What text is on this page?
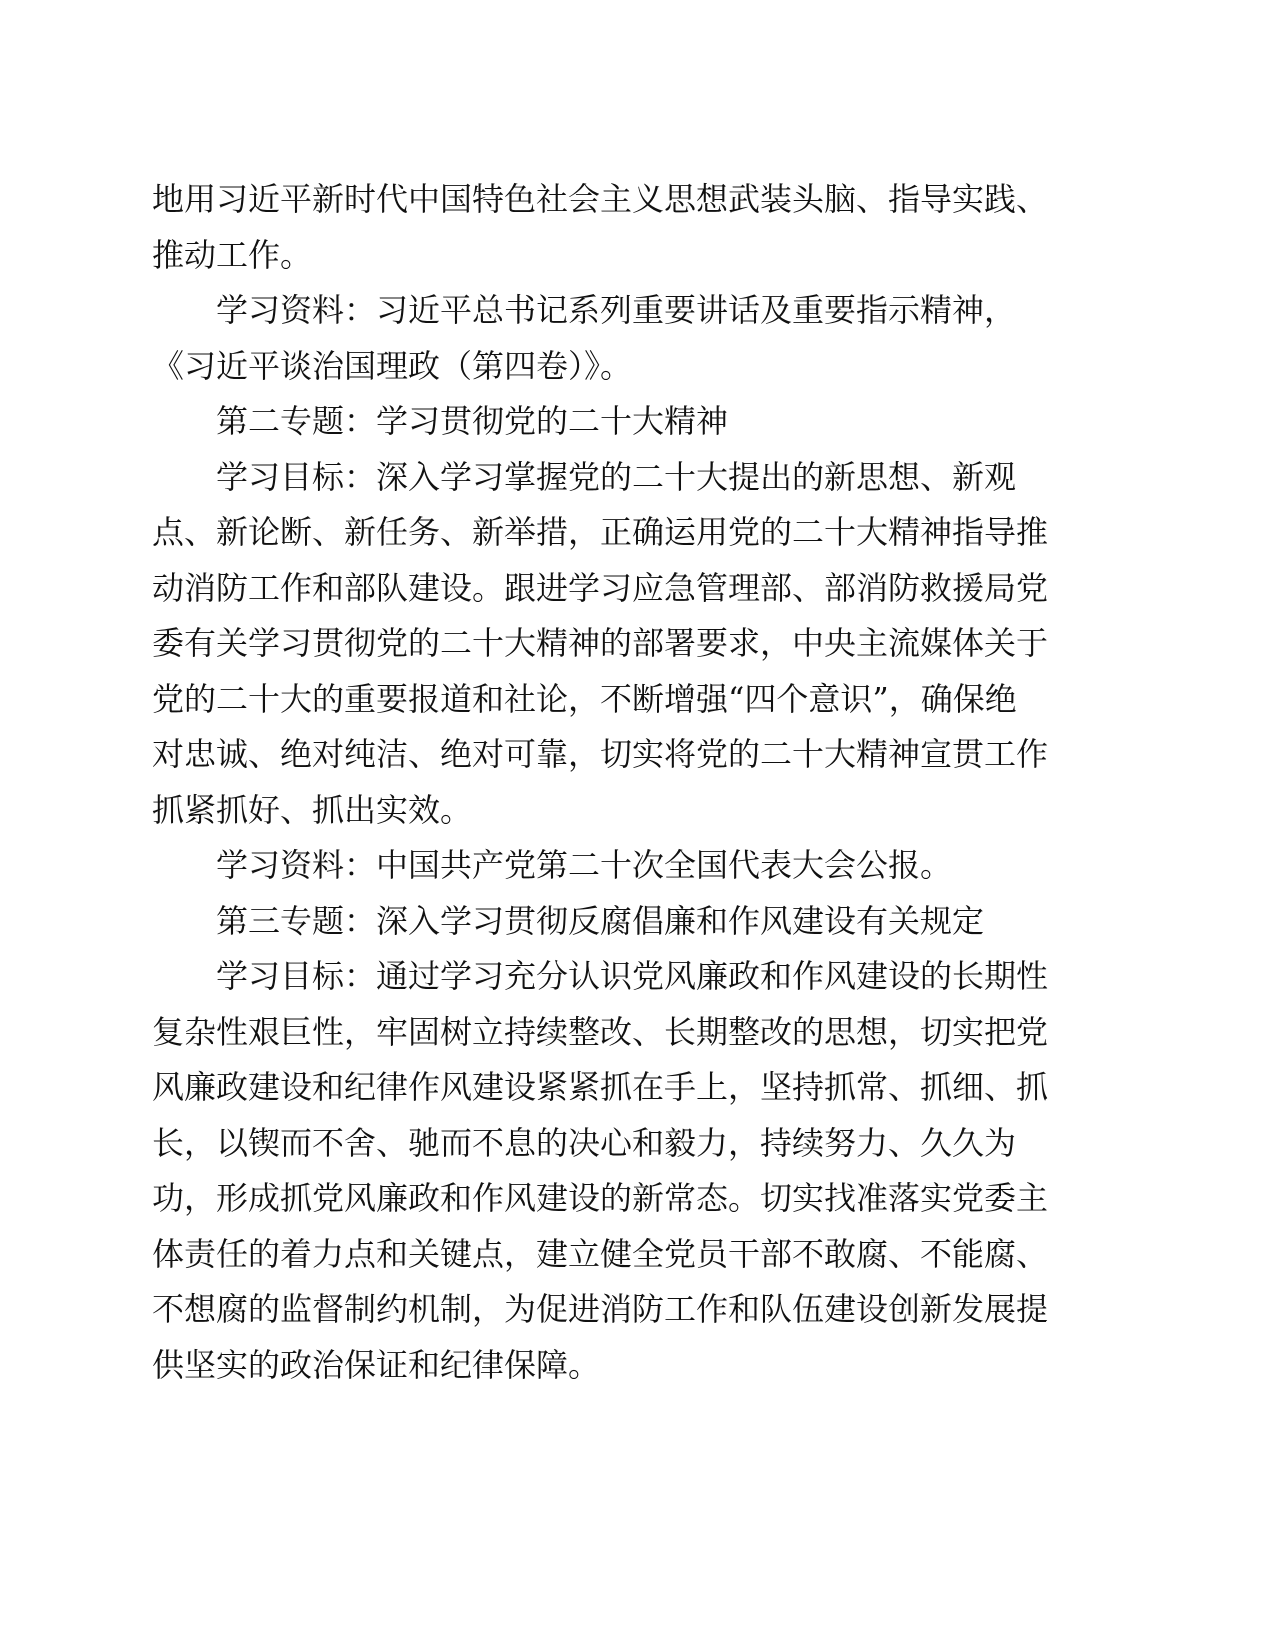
地用习近平新时代中国特色社会主义思想武装头脑、指导实践、
推动工作。
学习资料：习近平总书记系列重要讲话及重要指示精神，
《习近平谈治国理政（第四卷）》。
第二专题：学习贯彻党的二十大精神
学习目标：深入学习掌握党的二十大提出的新思想、新观
点、新论断、新任务、新举措，正确运用党的二十大精神指导推
动消防工作和部队建设。跟进学习应急管理部、部消防救援局党
委有关学习贯彻党的二十大精神的部署要求，中央主流媒体关于
党的二十大的重要报道和社论，不断增强“四个意识”，确保绝
对忠诚、绝对纯洁、绝对可靠，切实将党的二十大精神宣贯工作
抓紧抓好、抓出实效。
学习资料：中国共产党第二十次全国代表大会公报。
第三专题：深入学习贯彻反腐倡廉和作风建设有关规定
学习目标：通过学习充分认识党风廉政和作风建设的长期性
复杂性艰巨性，牢固树立持续整改、长期整改的思想，切实把党
风廉政建设和纪律作风建设紧紧抓在手上，坚持抓常、抓细、抓
长，以锲而不舍、驰而不息的决心和毅力，持续努力、久久为
功，形成抓党风廉政和作风建设的新常态。切实找准落实党委主
体责任的着力点和关键点，建立健全党员干部不敢腐、不能腐、
不想腐的监督制约机制，为促进消防工作和队伍建设创新发展提
供坚实的政治保证和纪律保障。
